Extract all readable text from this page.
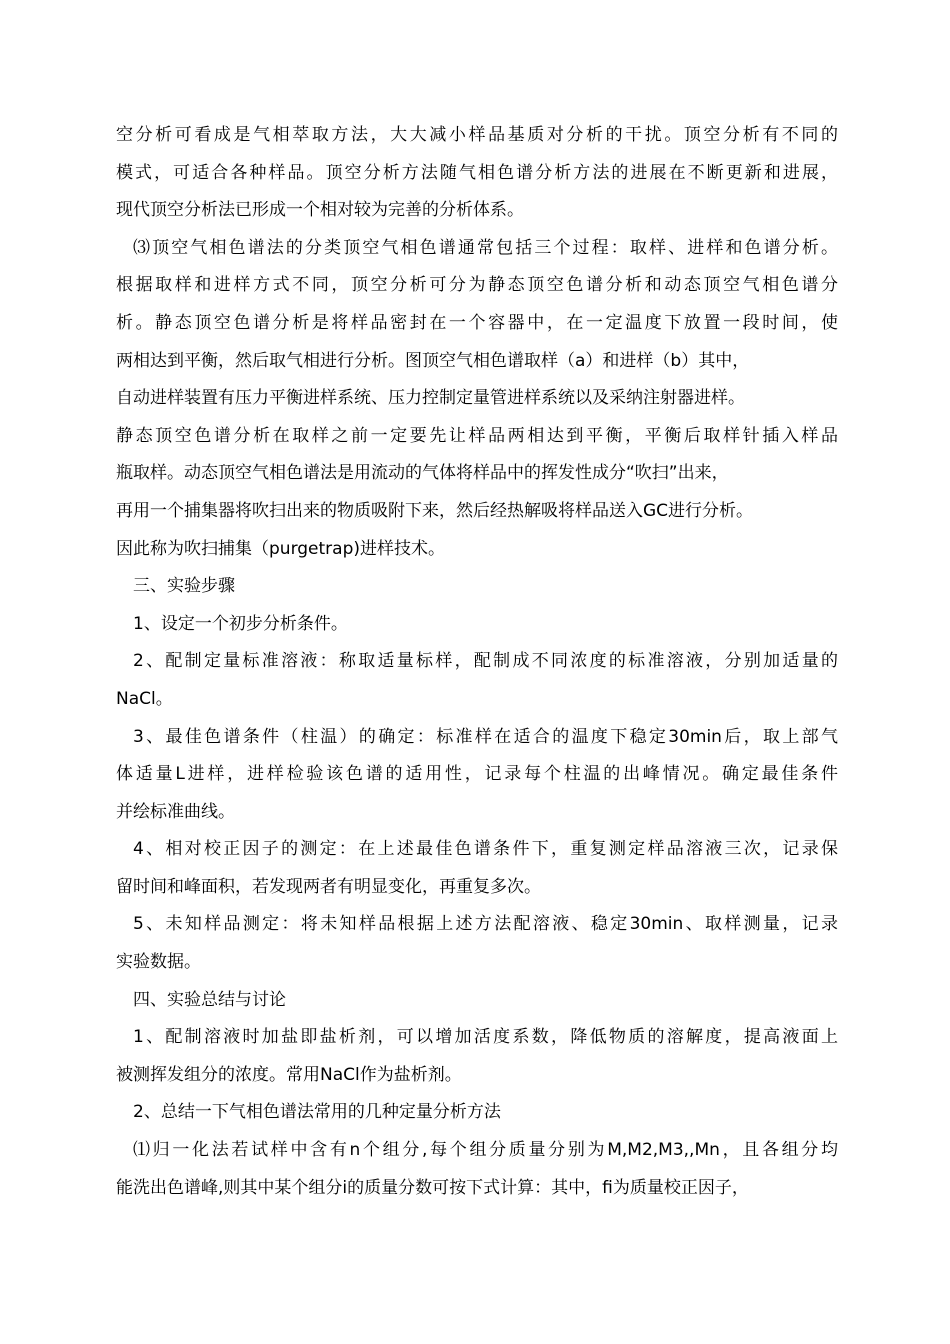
空分析可看成是气相萃取方法，大大减小样品基质对分析的干扰。顶空分析有不同的
模式，可适合各种样品。顶空分析方法随气相色谱分析方法的进展在不断更新和进展，
现代顶空分析法已形成一个相对较为完善的分析体系。
⑶顶空气相色谱法的分类顶空气相色谱通常包括三个过程：取样、进样和色谱分析。
根据取样和进样方式不同，顶空分析可分为静态顶空色谱分析和动态顶空气相色谱分
析。静态顶空色谱分析是将样品密封在一个容器中，在一定温度下放置一段时间，使
两相达到平衡，然后取气相进行分析。图顶空气相色谱取样（a）和进样（b）其中，
自动进样装置有压力平衡进样系统、压力控制定量管进样系统以及采纳注射器进样。
静态顶空色谱分析在取样之前一定要先让样品两相达到平衡，平衡后取样针插入样品
瓶取样。动态顶空气相色谱法是用流动的气体将样品中的挥发性成分“吹扫”出来，
再用一个捕集器将吹扫出来的物质吸附下来，然后经热解吸将样品送入GC进行分析。
因此称为吹扫捕集（purgetrap)进样技术。
三、实验步骤
1、设定一个初步分析条件。
2、配制定量标准溶液：称取适量标样，配制成不同浓度的标准溶液，分别加适量的
NaCl。
3、最佳色谱条件（柱温）的确定：标准样在适合的温度下稳定30min后，取上部气
体适量L进样，进样检验该色谱的适用性，记录每个柱温的出峰情况。确定最佳条件
并绘标准曲线。
4、相对校正因子的测定：在上述最佳色谱条件下，重复测定样品溶液三次，记录保
留时间和峰面积，若发现两者有明显变化，再重复多次。
5、未知样品测定：将未知样品根据上述方法配溶液、稳定30min、取样测量，记录
实验数据。
四、实验总结与讨论
1、配制溶液时加盐即盐析剂，可以增加活度系数，降低物质的溶解度，提高液面上
被测挥发组分的浓度。常用NaCl作为盐析剂。
2、总结一下气相色谱法常用的几种定量分析方法
⑴归一化法若试样中含有n个组分,每个组分质量分别为M,M2,M3,,Mn，且各组分均
能洗出色谱峰,则其中某个组分i的质量分数可按下式计算：其中，fi为质量校正因子，
